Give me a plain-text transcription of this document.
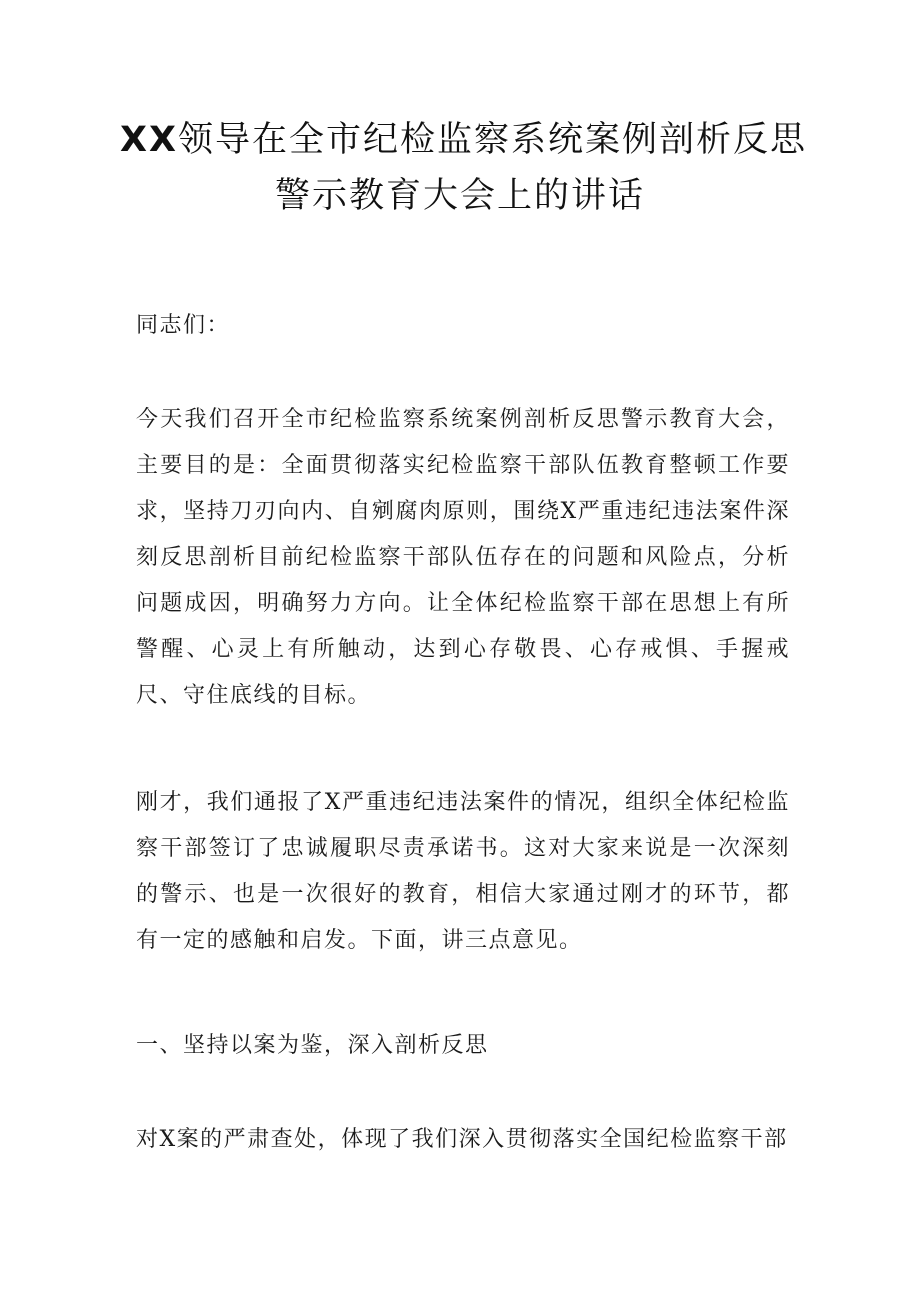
XX领导在全市纪检监察系统案例剖析反思
警示教育大会上的讲话
同志们：
今天我们召开全市纪检监察系统案例剖析反思警示教育大会，主要目的是：全面贯彻落实纪检监察干部队伍教育整顿工作要求，坚持刀刃向内、自剜腐肉原则，围绕X严重违纪违法案件深刻反思剖析目前纪检监察干部队伍存在的问题和风险点，分析问题成因，明确努力方向。让全体纪检监察干部在思想上有所警醒、心灵上有所触动，达到心存敬畏、心存戒惧、手握戒尺、守住底线的目标。
刚才，我们通报了X严重违纪违法案件的情况，组织全体纪检监察干部签订了忠诚履职尽责承诺书。这对大家来说是一次深刻的警示、也是一次很好的教育，相信大家通过刚才的环节，都有一定的感触和启发。下面，讲三点意见。
一、坚持以案为鉴，深入剖析反思
对X案的严肃查处，体现了我们深入贯彻落实全国纪检监察干部
